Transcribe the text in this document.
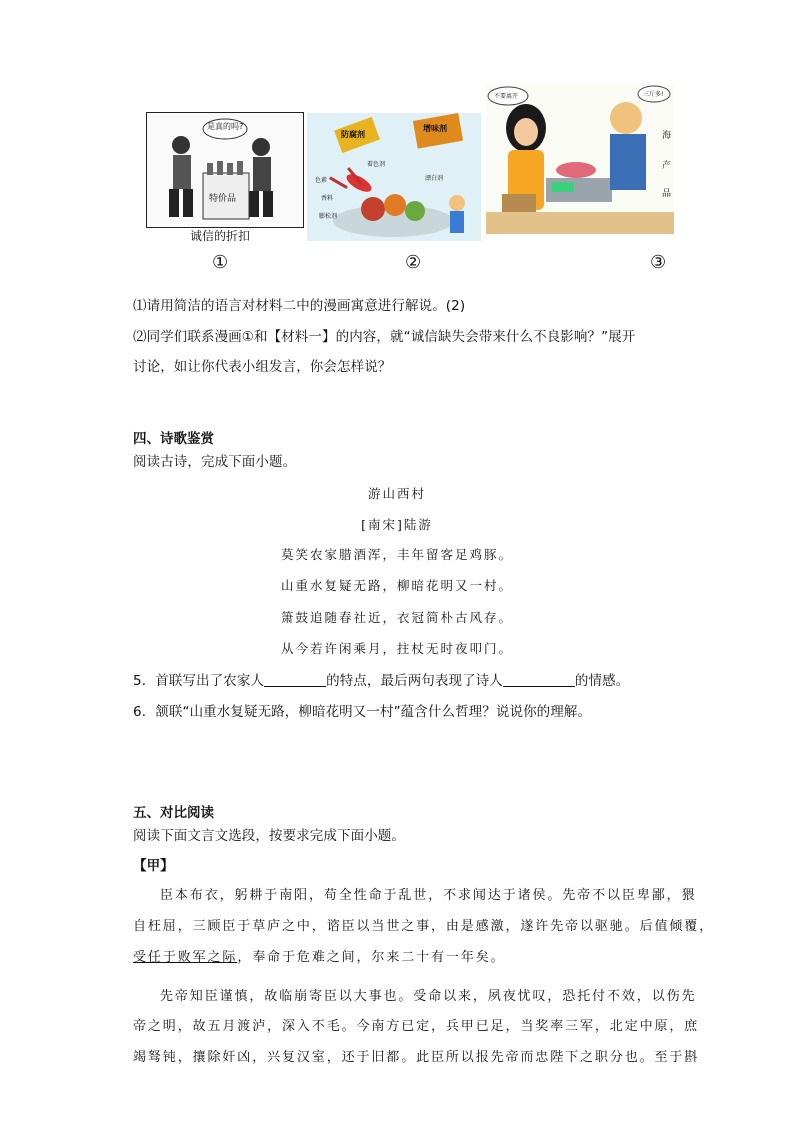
是真的吗?
特价品
诚信的折扣
防腐剂
增味剂
色素
香料
漂白剂
膨松剂
着色剂
不要离开	三斤多!
海
产
品
①	②	③
⑴请用简洁的语言对材料二中的漫画寓意进行解说。(2)
⑵同学们联系漫画①和【材料一】的内容，就“诚信缺失会带来什么不良影响？”展开
讨论，如让你代表小组发言，你会怎样说？
四、诗歌鉴赏
阅读古诗，完成下面小题。
游山西村
[南宋]陆游
莫笑农家腊酒浑，丰年留客足鸡豚。
山重水复疑无路，柳暗花明又一村。
箫鼓追随春社近，衣冠简朴古风存。
从今若许闲乘月，拄杖无时夜叩门。
5．首联写出了农家人	的特点，最后两句表现了诗人	的情感。
6．颔联“山重水复疑无路，柳暗花明又一村”蕴含什么哲理？说说你的理解。
五、对比阅读
阅读下面文言文选段，按要求完成下面小题。
【甲】
臣本布衣，躬耕于南阳，苟全性命于乱世，不求闻达于诸侯。先帝不以臣卑鄙，猥
自枉屈，三顾臣于草庐之中，谘臣以当世之事，由是感激，遂许先帝以驱驰。后值倾覆，
受任于败军之际，奉命于危难之间，尔来二十有一年矣。
先帝知臣谨慎，故临崩寄臣以大事也。受命以来，夙夜忧叹，恐托付不效，以伤先
帝之明，故五月渡泸，深入不毛。今南方已定，兵甲已足，当奖率三军，北定中原，庶
竭驽钝，攘除奸凶，兴复汉室，还于旧都。此臣所以报先帝而忠陛下之职分也。至于斟
